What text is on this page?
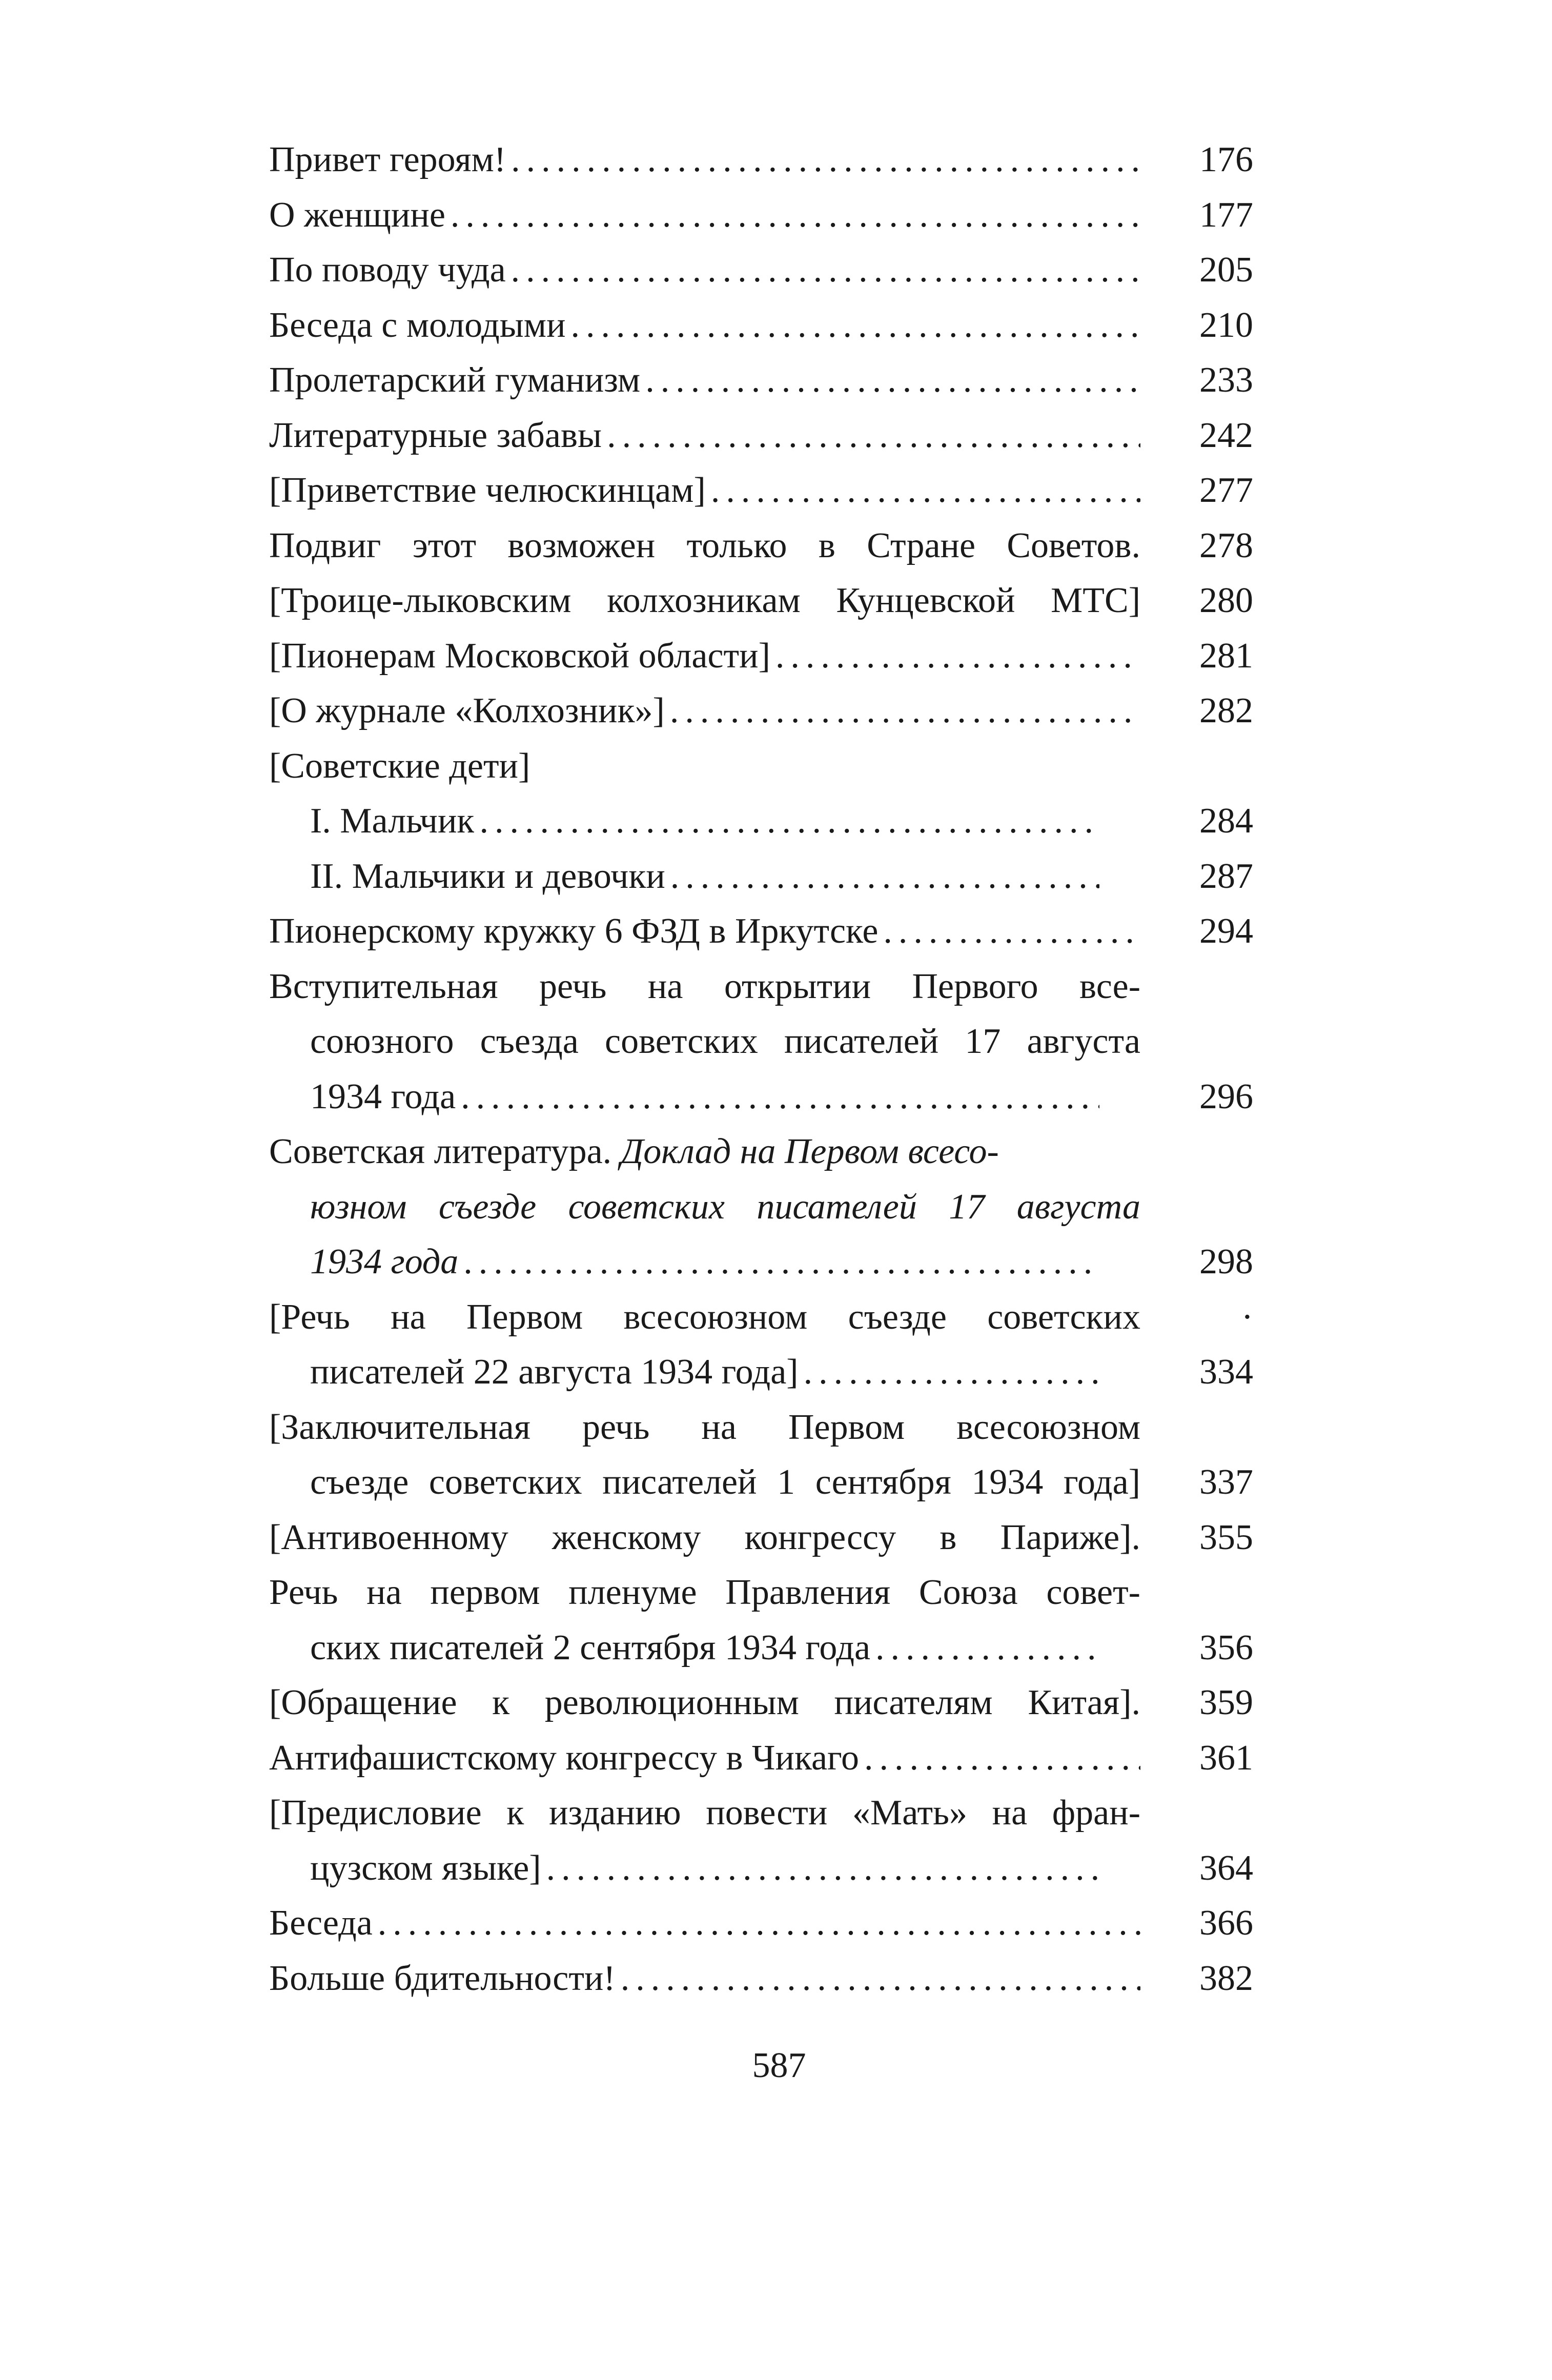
Привет героям! .....	176
О женщине .....	177
По поводу чуда .....	205
Беседа с молодыми .....	210
Пролетарский гуманизм .....	233
Литературные забавы .....	242
[Приветствие челюскинцам] .....	277
Подвиг этот возможен только в Стране Советов.	278
[Троице-лыковским колхозникам Кунцевской МТС]	280
[Пионерам Московской области] .....	281
[О журнале «Колхозник»] .....	282
[Советские дети]
I. Мальчик .....	284
II. Мальчики и девочки .....	287
Пионерскому кружку 6 ФЗД в Иркутске .....	294
Вступительная речь на открытии Первого все-
союзного съезда советских писателей 17 августа
1934 года .....	296
Советская литература. Доклад на Первом всесо-
юзном съезде советских писателей 17 августа
1934 года .....	298
[Речь на Первом всесоюзном съезде советских	·
писателей 22 августа 1934 года] .....	334
[Заключительная речь на Первом всесоюзном
съезде советских писателей 1 сентября 1934 года]	337
[Антивоенному женскому конгрессу в Париже].	355
Речь на первом пленуме Правления Союза совет-
ских писателей 2 сентября 1934 года .....	356
[Обращение к революционным писателям Китая].	359
Антифашистскому конгрессу в Чикаго .....	361
[Предисловие к изданию повести «Мать» на фран-
цузском языке] .....	364
Беседа .....	366
Больше бдительности! .....	382
587
